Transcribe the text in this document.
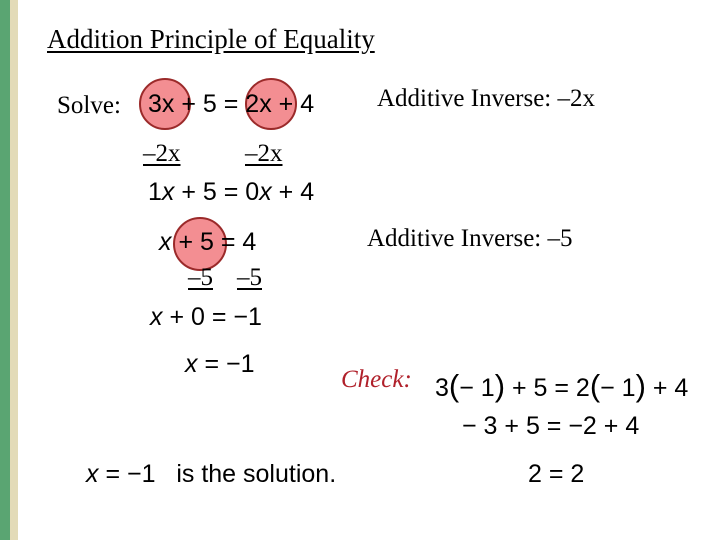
Addition Principle of Equality
Solve: 3x + 5 = 2x + 4	Additive Inverse: –2x
–2x	–2x
1x + 5 = 0x + 4
x + 5 = 4	Additive Inverse: –5
–5 –5
x + 0 = −1
x = −1
Check: 3(− 1) + 5 = 2(− 1) + 4
− 3 + 5 = −2 + 4
2 = 2
x = −1   is the solution.
